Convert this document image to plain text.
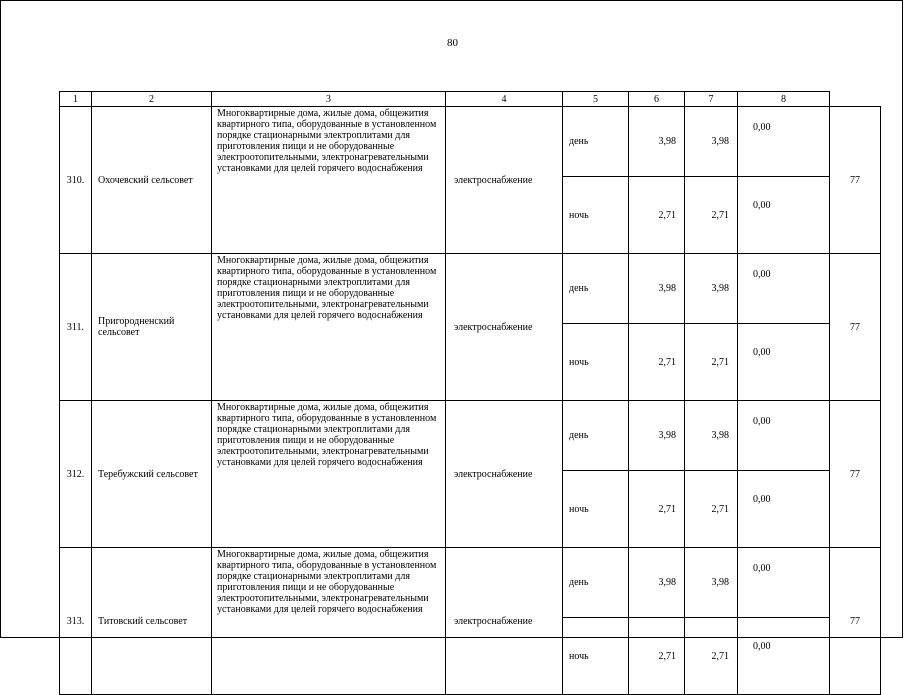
80
1	2	3	4	5	6	7	8	
310.	Охочевский сельсовет	Многоквартирные дома, жилые дома, общежития квартирного типа, оборудованные в установленном порядке стационарными электроплитами для приготовления пищи и не оборудованные электроотопительными, электронагревательными установками для целей горячего водоснабжения	электроснабжение	день	3,98	3,98	0,00	77
				ночь	2,71	2,71	0,00	
311.	Пригородненский сельсовет	Многоквартирные дома, жилые дома, общежития квартирного типа, оборудованные в установленном порядке стационарными электроплитами для приготовления пищи и не оборудованные электроотопительными, электронагревательными установками для целей горячего водоснабжения	электроснабжение	день	3,98	3,98	0,00	77
				ночь	2,71	2,71	0,00	
312.	Теребужский сельсовет	Многоквартирные дома, жилые дома, общежития квартирного типа, оборудованные в установленном порядке стационарными электроплитами для приготовления пищи и не оборудованные электроотопительными, электронагревательными установками для целей горячего водоснабжения	электроснабжение	день	3,98	3,98	0,00	77
				ночь	2,71	2,71	0,00	
313.	Титовский сельсовет	Многоквартирные дома, жилые дома, общежития квартирного типа, оборудованные в установленном порядке стационарными электроплитами для приготовления пищи и не оборудованные электроотопительными, электронагревательными установками для целей горячего водоснабжения	электроснабжение	день	3,98	3,98	0,00	77
				ночь	2,71	2,71	0,00	
